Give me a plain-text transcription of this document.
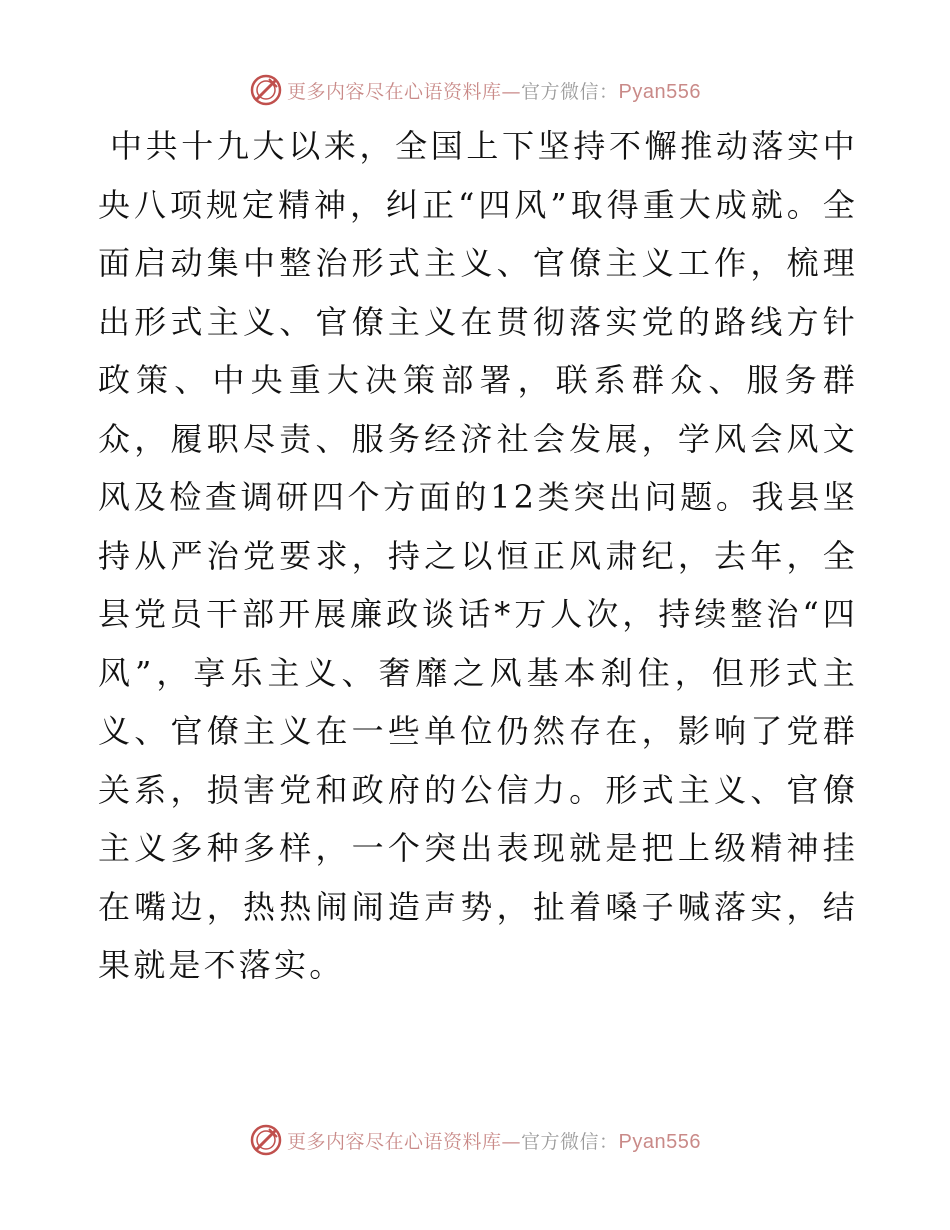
更多内容尽在心语资料库—官方微信：Pyan556

中共十九大以来，全国上下坚持不懈推动落实中央八项规定精神，纠正“四风”取得重大成就。全面启动集中整治形式主义、官僚主义工作，梳理出形式主义、官僚主义在贯彻落实党的路线方针政策、中央重大决策部署，联系群众、服务群众，履职尽责、服务经济社会发展，学风会风文风及检查调研四个方面的12类突出问题。我县坚持从严治党要求，持之以恒正风肃纪，去年，全县党员干部开展廉政谈话*万人次，持续整治“四风”，享乐主义、奢靡之风基本刹住，但形式主义、官僚主义在一些单位仍然存在，影响了党群关系，损害党和政府的公信力。形式主义、官僚主义多种多样，一个突出表现就是把上级精神挂在嘴边，热热闹闹造声势，扯着嗓子喊落实，结果就是不落实。

更多内容尽在心语资料库—官方微信：Pyan556
